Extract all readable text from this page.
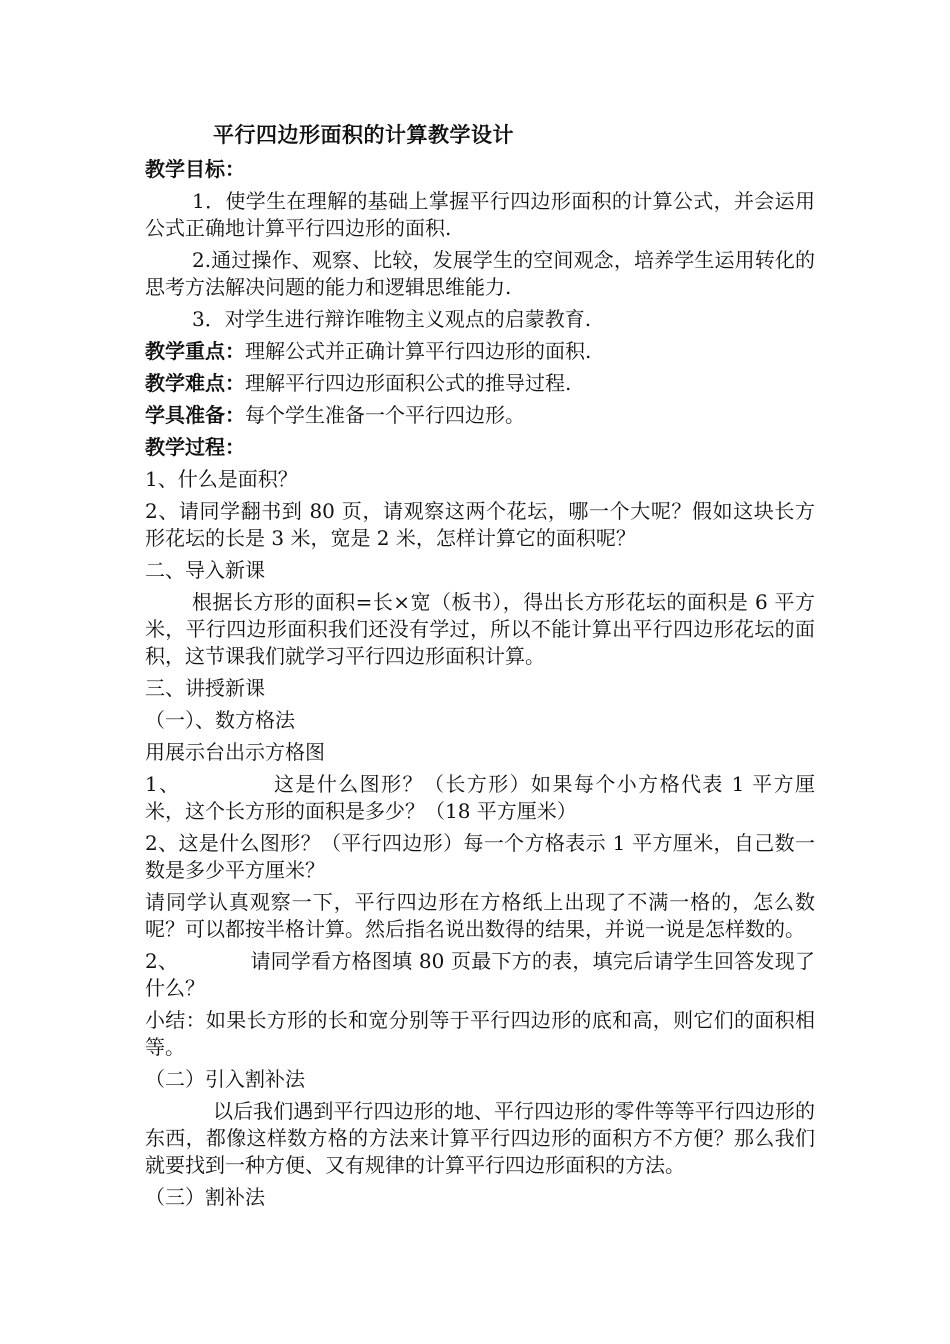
平行四边形面积的计算教学设计
教学目标：
1．使学生在理解的基础上掌握平行四边形面积的计算公式，并会运用公式正确地计算平行四边形的面积.
2.通过操作、观察、比较，发展学生的空间观念，培养学生运用转化的思考方法解决问题的能力和逻辑思维能力.
3．对学生进行辩诈唯物主义观点的启蒙教育.
教学重点：理解公式并正确计算平行四边形的面积.
教学难点：理解平行四边形面积公式的推导过程.
学具准备：每个学生准备一个平行四边形。
教学过程：
1、什么是面积？
2、请同学翻书到 80 页，请观察这两个花坛，哪一个大呢？假如这块长方形花坛的长是 3 米，宽是 2 米，怎样计算它的面积呢？
二、导入新课
根据长方形的面积=长×宽（板书），得出长方形花坛的面积是 6 平方米，平行四边形面积我们还没有学过，所以不能计算出平行四边形花坛的面积，这节课我们就学习平行四边形面积计算。
三、讲授新课
（一）、数方格法
用展示台出示方格图
1、	这是什么图形？（长方形）如果每个小方格代表 1 平方厘米，这个长方形的面积是多少？（18 平方厘米）
2、这是什么图形？（平行四边形）每一个方格表示 1 平方厘米，自己数一数是多少平方厘米？
请同学认真观察一下，平行四边形在方格纸上出现了不满一格的，怎么数呢？可以都按半格计算。然后指名说出数得的结果，并说一说是怎样数的。
2、	请同学看方格图填 80 页最下方的表，填完后请学生回答发现了什么？
小结：如果长方形的长和宽分别等于平行四边形的底和高，则它们的面积相等。
（二）引入割补法
以后我们遇到平行四边形的地、平行四边形的零件等等平行四边形的东西，都像这样数方格的方法来计算平行四边形的面积方不方便？那么我们就要找到一种方便、又有规律的计算平行四边形面积的方法。
（三）割补法
